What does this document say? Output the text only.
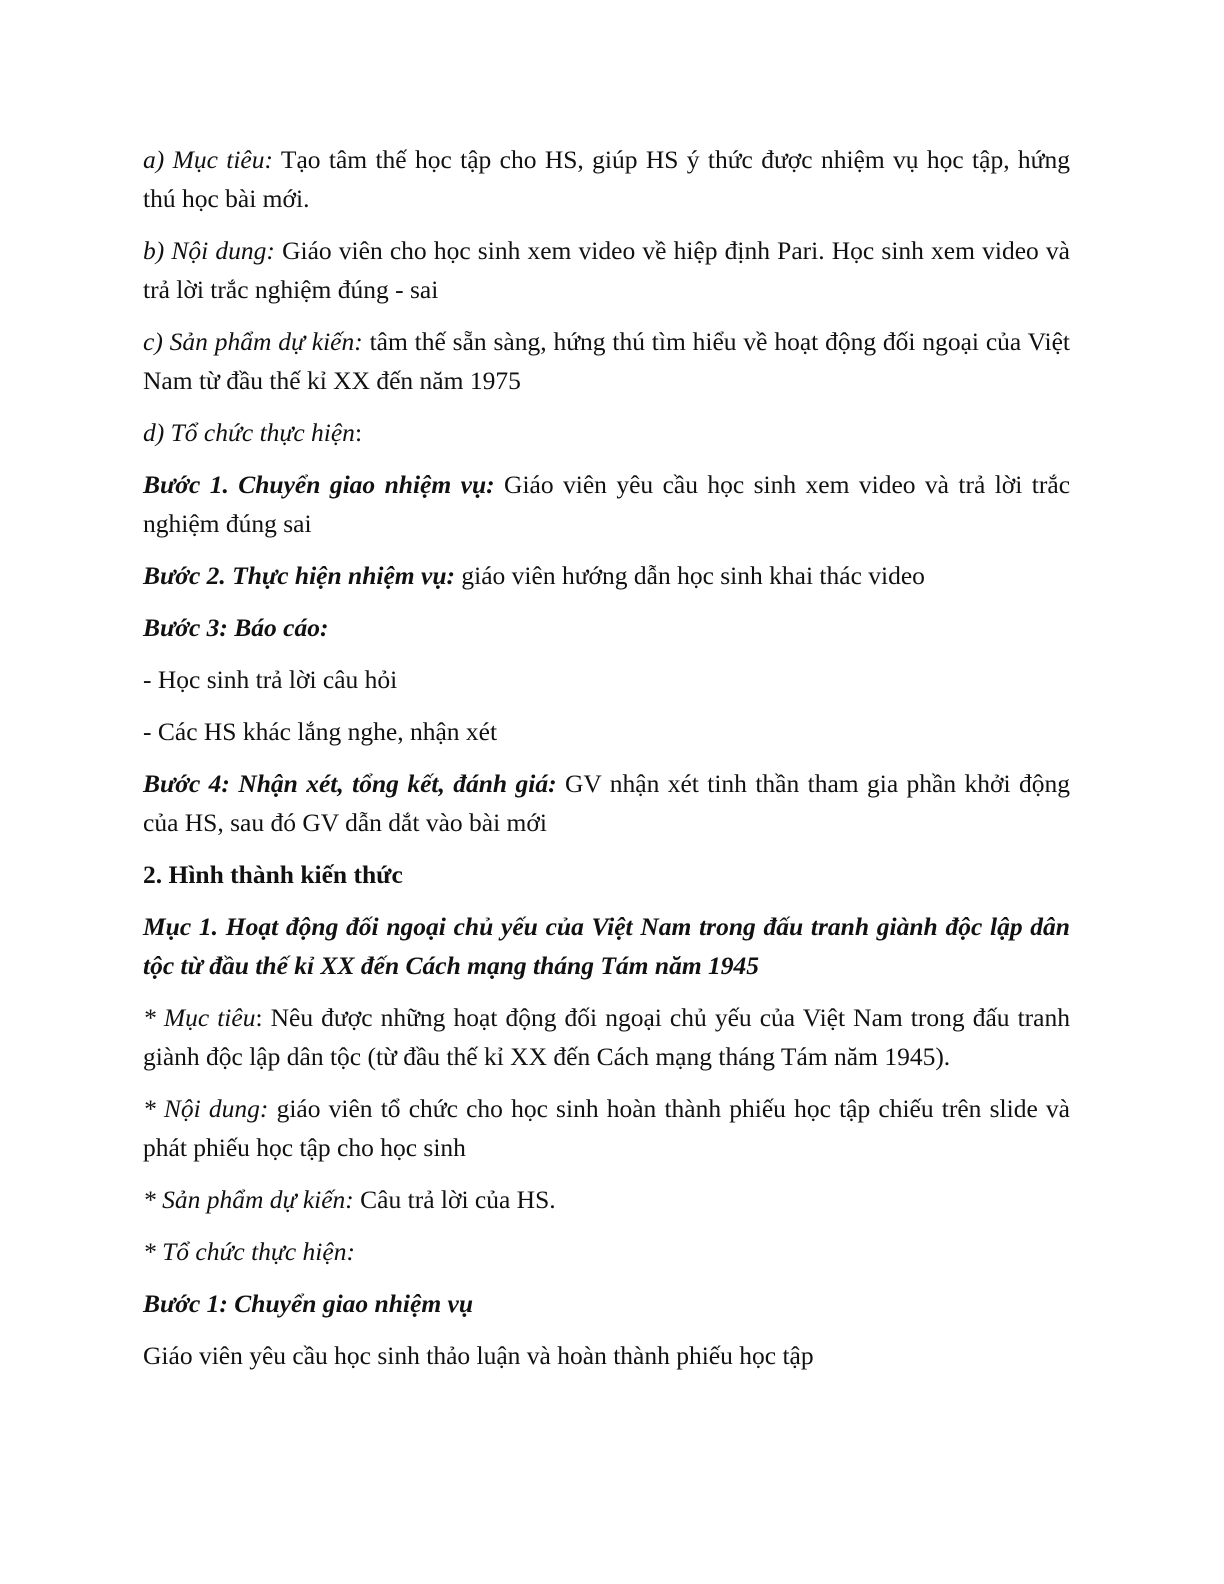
a) Mục tiêu: Tạo tâm thế học tập cho HS, giúp HS ý thức được nhiệm vụ học tập, hứng thú học bài mới.

b) Nội dung: Giáo viên cho học sinh xem video về hiệp định Pari. Học sinh xem video và trả lời trắc nghiệm đúng - sai

c) Sản phẩm dự kiến: tâm thế sẵn sàng, hứng thú tìm hiểu về hoạt động đối ngoại của Việt Nam từ đầu thế kỉ XX đến năm 1975

d) Tổ chức thực hiện:

Bước 1. Chuyển giao nhiệm vụ: Giáo viên yêu cầu học sinh xem video và trả lời trắc nghiệm đúng sai

Bước 2. Thực hiện nhiệm vụ: giáo viên hướng dẫn học sinh khai thác video

Bước 3: Báo cáo:

- Học sinh trả lời câu hỏi

- Các HS khác lắng nghe, nhận xét

Bước 4: Nhận xét, tổng kết, đánh giá: GV nhận xét tinh thần tham gia phần khởi động của HS, sau đó GV dẫn dắt vào bài mới

2. Hình thành kiến thức

Mục 1. Hoạt động đối ngoại chủ yếu của Việt Nam trong đấu tranh giành độc lập dân tộc từ đầu thế kỉ XX đến Cách mạng tháng Tám năm 1945

* Mục tiêu: Nêu được những hoạt động đối ngoại chủ yếu của Việt Nam trong đấu tranh giành độc lập dân tộc (từ đầu thế kỉ XX đến Cách mạng tháng Tám năm 1945).

* Nội dung: giáo viên tổ chức cho học sinh hoàn thành phiếu học tập chiếu trên slide và phát phiếu học tập cho học sinh

* Sản phẩm dự kiến: Câu trả lời của HS.

* Tổ chức thực hiện:

Bước 1: Chuyển giao nhiệm vụ

Giáo viên yêu cầu học sinh thảo luận và hoàn thành phiếu học tập
